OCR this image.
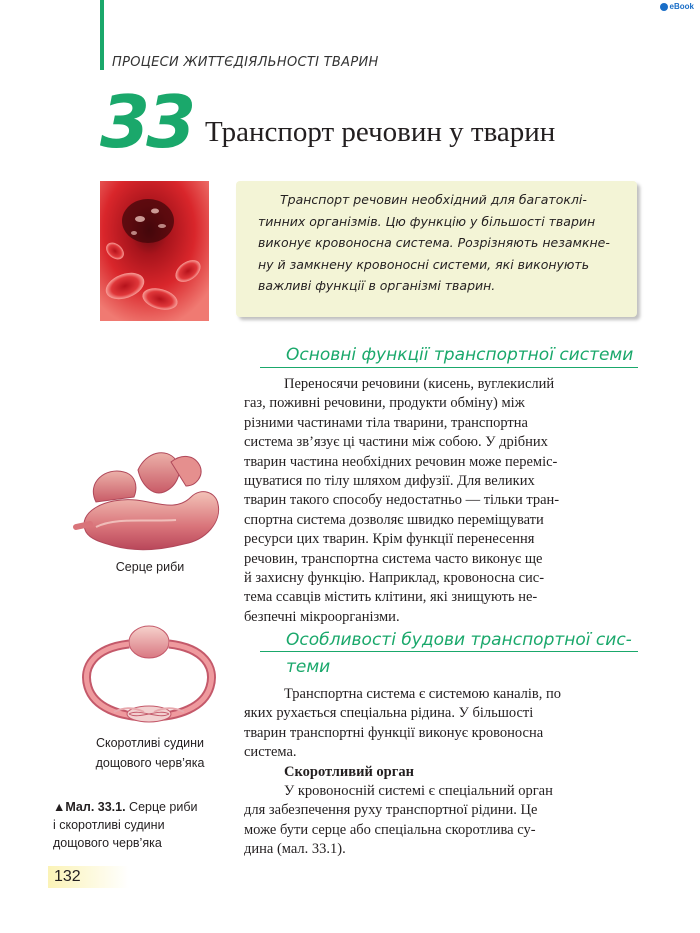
ПРОЦЕСИ ЖИТТЄДІЯЛЬНОСТІ ТВАРИН
eBook
33 Транспорт речовин у тварин
Транспорт речовин необхідний для багатоклі-
тинних організмів. Цю функцію у більшості тварин
виконує кровоносна система. Розрізняють незамкне-
ну й замкнену кровоносні системи, які виконують
важливі функції в організмі тварин.
Основні функції транспортної системи
Переносячи речовини (кисень, вуглекислий
газ, поживні речовини, продукти обміну) між
різними частинами тіла тварини, транспортна
система зв’язує ці частини між собою. У дрібних
тварин частина необхідних речовин може переміс-
щуватися по тілу шляхом дифузії. Для великих
тварин такого способу недостатньо — тільки тран-
спортна система дозволяє швидко переміщувати
ресурси цих тварин. Крім функції перенесення
речовин, транспортна система часто виконує ще
й захисну функцію. Наприклад, кровоносна сис-
тема ссавців містить клітини, які знищують не-
безпечні мікроорганізми.
Серце риби
Особливості будови транспортної сис-
теми
Транспортна система є системою каналів, по
яких рухається спеціальна рідина. У більшості
тварин транспортні функції виконує кровоносна
система.
Скоротливий орган
У кровоносній системі є спеціальний орган
для забезпечення руху транспортної рідини. Це
може бути серце або спеціальна скоротлива су-
дина (мал. 33.1).
Скоротливі судини
дощового черв’яка
▲Мал. 33.1. Серце риби
і скоротливі судини
дощового черв’яка
132
